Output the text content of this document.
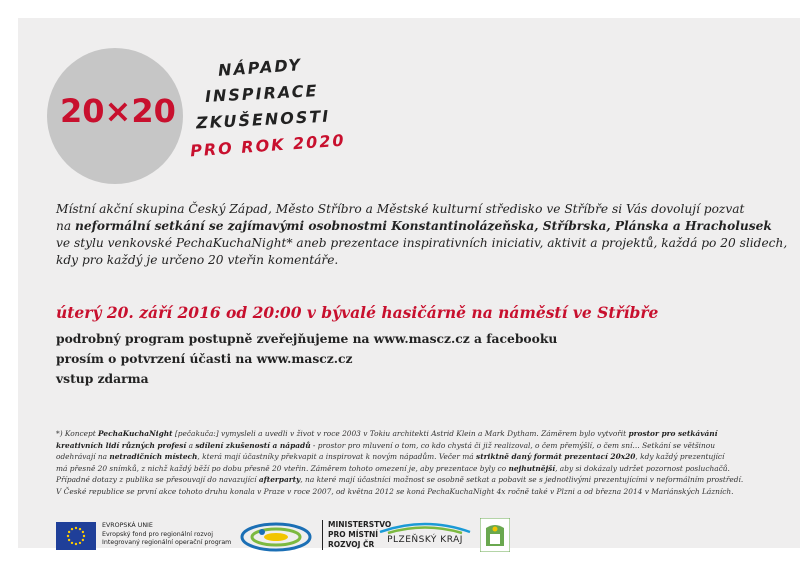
20×20
NÁPADY
INSPIRACE
ZKUŠENOSTI
PRO ROK 2020

Místní akční skupina Český Západ, Město Stříbro a Městské kulturní středisko ve Stříbře si Vás dovolují pozvat

na neformální setkání se zajímavými osobnostmi Konstantinolázeňska, Stříbrska, Plánska a Hracholusek

ve stylu venkovské PechaKuchaNight* aneb prezentace inspirativních iniciativ, aktivit a projektů, každá po 20 slidech,

kdy pro každý je určeno 20 vteřin komentáře.

úterý 20. září 2016 od 20:00 v bývalé hasičárně na náměstí ve Stříbře

podrobný program postupně zveřejňujeme na www.mascz.cz a facebooku

prosím o potvrzení účasti na www.mascz.cz

vstup zdarma

*) Koncept PechaKuchaNight [pečakuča:] vymysleli a uvedli v život v roce 2003 v Tokiu architekti Astrid Klein a Mark Dytham. Záměrem bylo vytvořit prostor pro setkávání

kreativních lidí různých profesí a sdílení zkušeností a nápadů - prostor pro mluvení o tom, co kdo chystá či již realizoval, o čem přemýšlí, o čem sní… Setkání se většinou

odehrávají na netradičních místech, která mají účastníky překvapit a inspirovat k novým nápadům. Večer má striktně daný formát prezentací 20x20, kdy každý prezentující

má přesně 20 snímků, z nichž každý běží po dobu přesně 20 vteřin. Záměrem tohoto omezení je, aby prezentace byly co nejhutnější, aby si dokázaly udržet pozornost posluchačů.

Případné dotazy z publika se přesouvají do navazující afterparty, na které mají účastníci možnost se osobně setkat a pobavit se s jednotlivými prezentujícími v neformálním prostředí.

V České republice se první akce tohoto druhu konala v Praze v roce 2007, od května 2012 se koná PechaKuchaNight 4x ročně také v Plzni a od března 2014 v Mariánských Lázních.

EVROPSKÁ UNIE
Evropský fond pro regionální rozvoj
Integrovaný regionální operační program
MINISTERSTVO
PRO MÍSTNÍ
ROZVOJ ČR	PLZEŇSKÝ KRAJ
